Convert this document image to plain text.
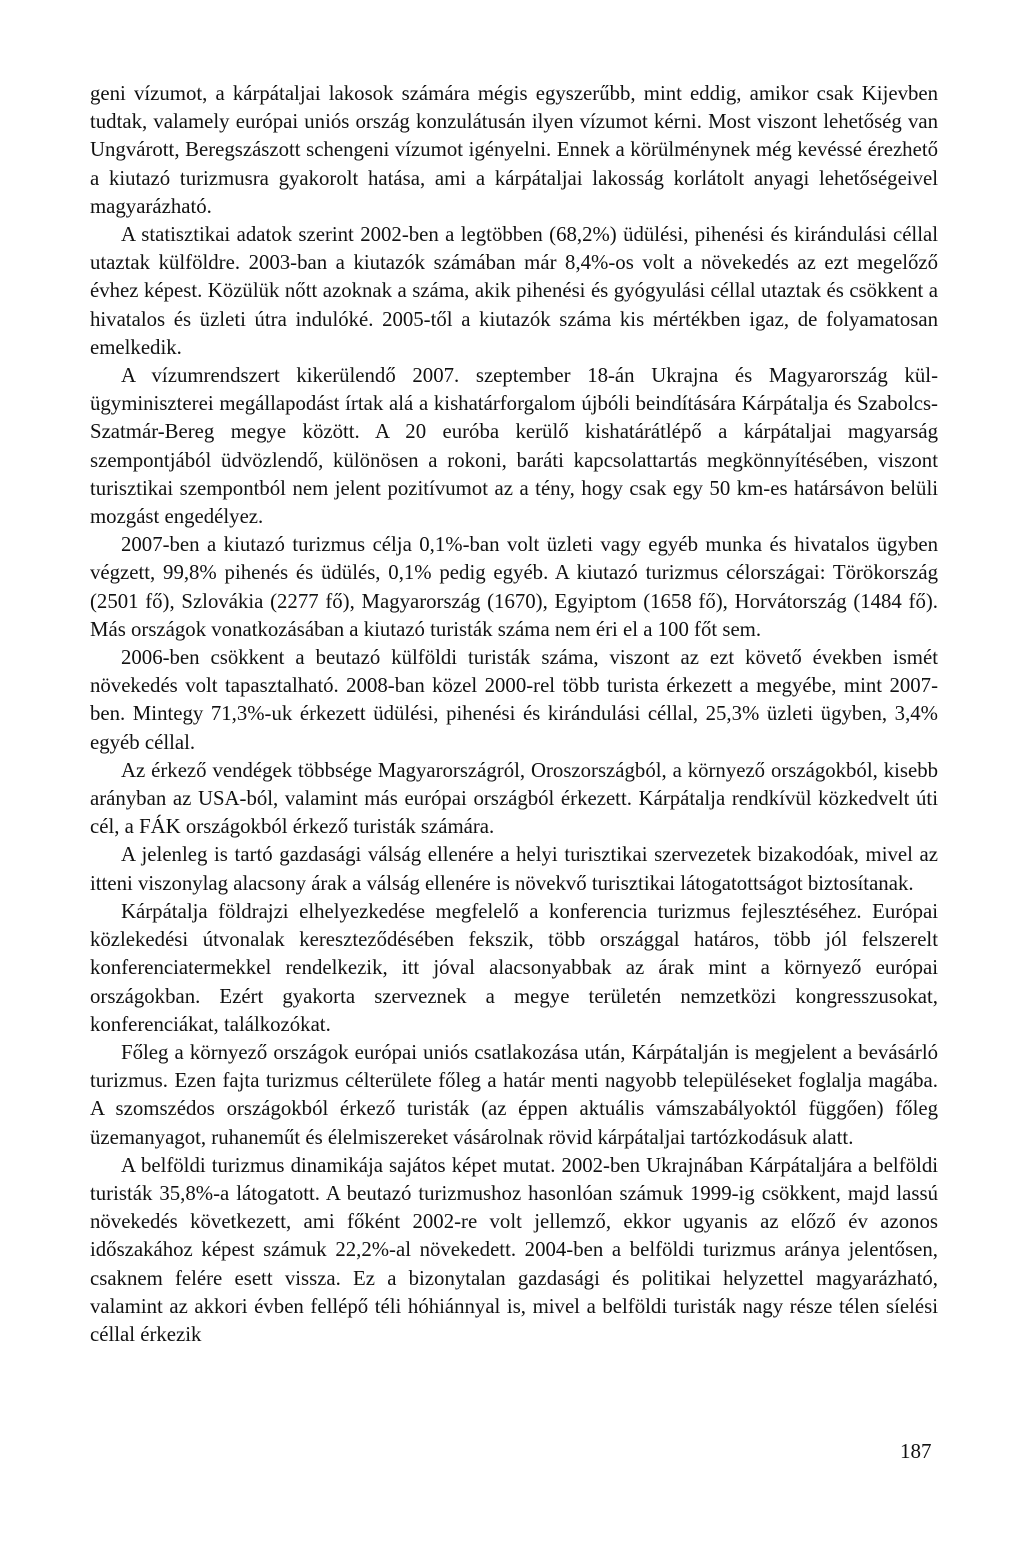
geni vízumot, a kárpátaljai lakosok számára mégis egyszerűbb, mint eddig, amikor csak Kijevben tudtak, valamely európai uniós ország konzulátusán ilyen vízumot kérni. Most viszont lehetőség van Ungvárott, Beregszászott schengeni vízumot igényelni. Ennek a körülménynek még kevéssé érezhető a kiutazó turizmusra gyakorolt hatása, ami a kárpátaljai lakosság korlátolt anyagi lehetőségeivel magyarázható.

A statisztikai adatok szerint 2002-ben a legtöbben (68,2%) üdülési, pihenési és kirándulási céllal utaztak külföldre. 2003-ban a kiutazók számában már 8,4%-os volt a növekedés az ezt megelőző évhez képest. Közülük nőtt azoknak a száma, akik pihenési és gyógyulási céllal utaztak és csökkent a hivatalos és üzleti útra indulóké. 2005-től a kiutazók száma kis mértékben igaz, de folyamatosan emelkedik.

A vízumrendszert kikerülendő 2007. szeptember 18-án Ukrajna és Magyarország külügyminiszterei megállapodást írtak alá a kishatárforgalom újbóli beindítására Kárpátalja és Szabolcs-Szatmár-Bereg megye között. A 20 euróba kerülő kishatárátlépő a kárpátaljai magyarság szempontjából üdvözlendő, különösen a rokoni, baráti kapcsolattartás megkönnyítésében, viszont turisztikai szempontból nem jelent pozitívumot az a tény, hogy csak egy 50 km-es határsávon belüli mozgást engedélyez.

2007-ben a kiutazó turizmus célja 0,1%-ban volt üzleti vagy egyéb munka és hivatalos ügyben végzett, 99,8% pihenés és üdülés, 0,1% pedig egyéb. A kiutazó turizmus célországai: Törökország (2501 fő), Szlovákia (2277 fő), Magyarország (1670), Egyiptom (1658 fő), Horvátország (1484 fő). Más országok vonatkozásában a kiutazó turisták száma nem éri el a 100 főt sem.

2006-ben csökkent a beutazó külföldi turisták száma, viszont az ezt követő években ismét növekedés volt tapasztalható. 2008-ban közel 2000-rel több turista érkezett a megyébe, mint 2007-ben. Mintegy 71,3%-uk érkezett üdülési, pihenési és kirándulási céllal, 25,3% üzleti ügyben, 3,4% egyéb céllal.

Az érkező vendégek többsége Magyarországról, Oroszországból, a környező országokból, kisebb arányban az USA-ból, valamint más európai országból érkezett. Kárpátalja rendkívül közkedvelt úti cél, a FÁK országokból érkező turisták számára.

A jelenleg is tartó gazdasági válság ellenére a helyi turisztikai szervezetek bizakodóak, mivel az itteni viszonylag alacsony árak a válság ellenére is növekvő turisztikai látogatottságot biztosítanak.

Kárpátalja földrajzi elhelyezkedése megfelelő a konferencia turizmus fejlesztéséhez. Európai közlekedési útvonalak kereszteződésében fekszik, több országgal határos, több jól felszerelt konferenciatermekkel rendelkezik, itt jóval alacsonyabbak az árak mint a környező európai országokban. Ezért gyakorta szerveznek a megye területén nemzetközi kongresszusokat, konferenciákat, találkozókat.

Főleg a környező országok európai uniós csatlakozása után, Kárpátalján is megjelent a bevásárló turizmus. Ezen fajta turizmus célterülete főleg a határ menti nagyobb településeket foglalja magába. A szomszédos országokból érkező turisták (az éppen aktuális vámszabályoktól függően) főleg üzemanyagot, ruhaneműt és élelmiszereket vásárolnak rövid kárpátaljai tartózkodásuk alatt.

A belföldi turizmus dinamikája sajátos képet mutat. 2002-ben Ukrajnában Kárpátaljára a belföldi turisták 35,8%-a látogatott. A beutazó turizmushoz hasonlóan számuk 1999-ig csökkent, majd lassú növekedés következett, ami főként 2002-re volt jellemző, ekkor ugyanis az előző év azonos időszakához képest számuk 22,2%-al növekedett. 2004-ben a belföldi turizmus aránya jelentősen, csaknem felére esett vissza. Ez a bizonytalan gazdasági és politikai helyzettel magyarázható, valamint az akkori évben fellépő téli hóhiánnyal is, mivel a belföldi turisták nagy része télen síelési céllal érkezik

187
